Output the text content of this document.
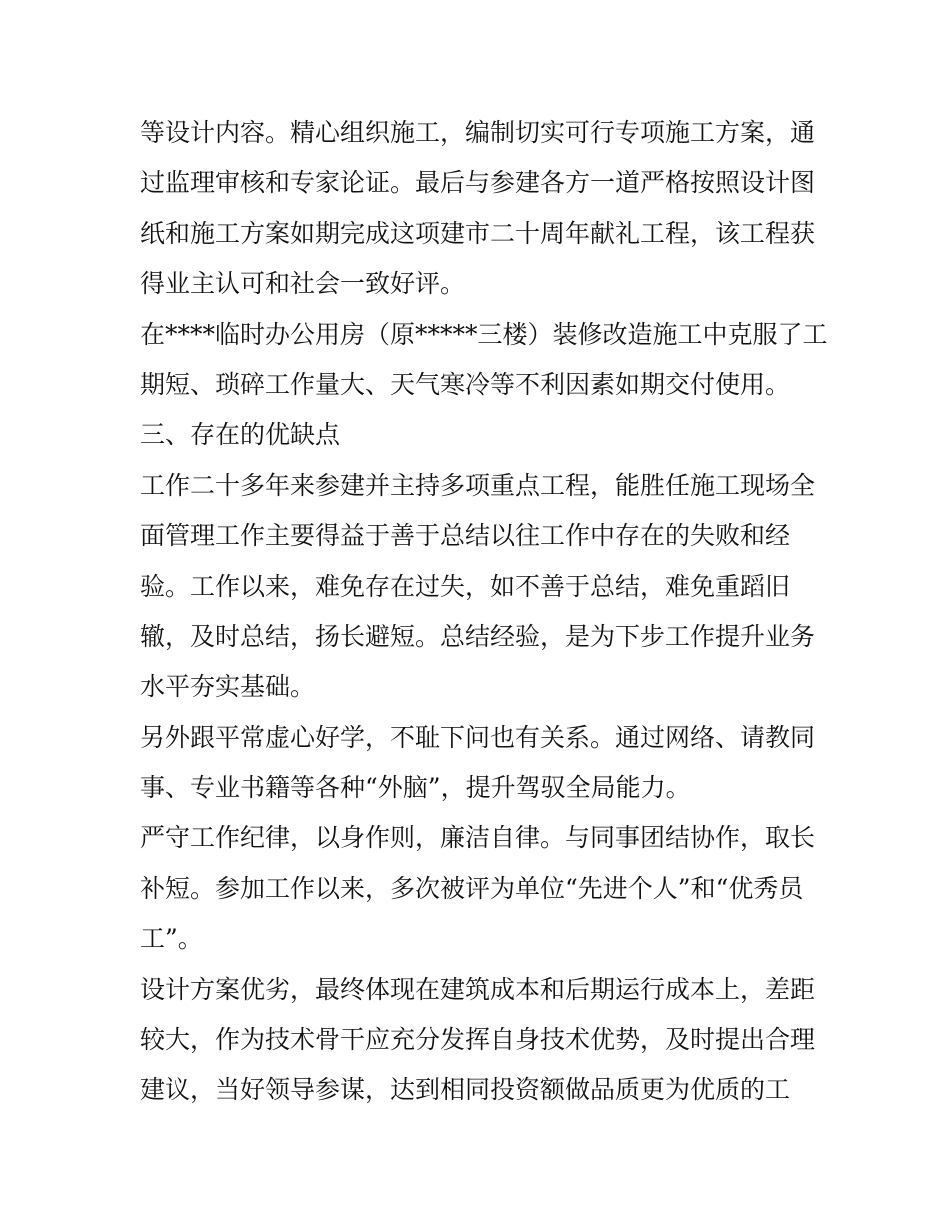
等设计内容。精心组织施工，编制切实可行专项施工方案，通
过监理审核和专家论证。最后与参建各方一道严格按照设计图
纸和施工方案如期完成这项建市二十周年献礼工程，该工程获
得业主认可和社会一致好评。
在****临时办公用房（原*****三楼）装修改造施工中克服了工
期短、琐碎工作量大、天气寒冷等不利因素如期交付使用。
三、存在的优缺点
工作二十多年来参建并主持多项重点工程，能胜任施工现场全
面管理工作主要得益于善于总结以往工作中存在的失败和经
验。工作以来，难免存在过失，如不善于总结，难免重蹈旧
辙，及时总结，扬长避短。总结经验，是为下步工作提升业务
水平夯实基础。
另外跟平常虚心好学，不耻下问也有关系。通过网络、请教同
事、专业书籍等各种“外脑”，提升驾驭全局能力。
严守工作纪律，以身作则，廉洁自律。与同事团结协作，取长
补短。参加工作以来，多次被评为单位“先进个人”和“优秀员
工”。
设计方案优劣，最终体现在建筑成本和后期运行成本上，差距
较大，作为技术骨干应充分发挥自身技术优势，及时提出合理
建议，当好领导参谋，达到相同投资额做品质更为优质的工
